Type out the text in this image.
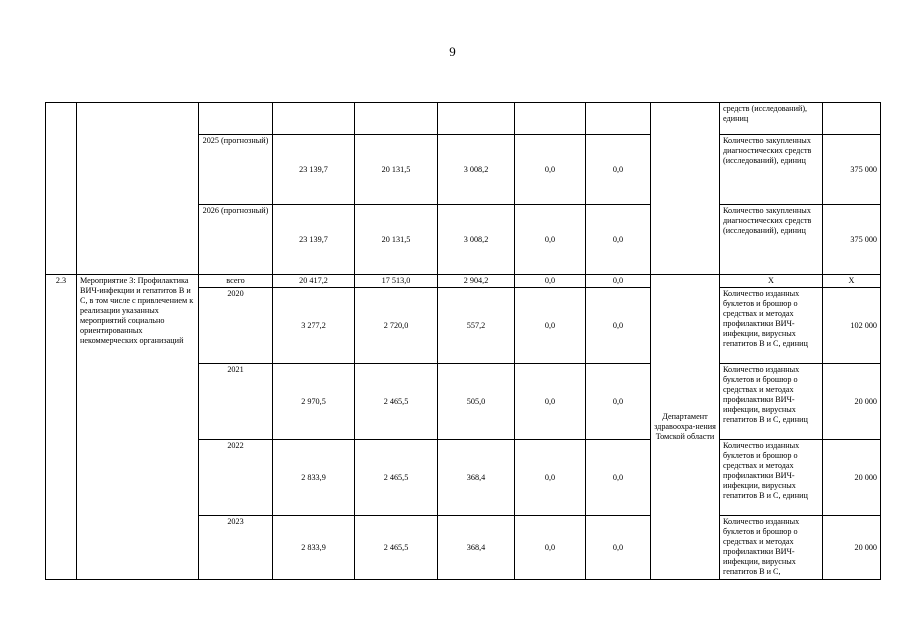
9
									средств (исследований), единиц	
		2025 (прогнозный)	23 139,7	20 131,5	3 008,2	0,0	0,0		Количество закупленных диагностических средств (исследований), единиц	375 000
		2026 (прогнозный)	23 139,7	20 131,5	3 008,2	0,0	0,0		Количество закупленных диагностических средств (исследований), единиц	375 000
2.3	Мероприятие 3: Профилактика ВИЧ-инфекции и гепатитов В и С, в том числе с привлечением к реализации указанных мероприятий социально ориентированных некоммерческих организаций	всего	20 417,2	17 513,0	2 904,2	0,0	0,0	Департамент здравоохра-нения Томской области	Х	Х
		2020	3 277,2	2 720,0	557,2	0,0	0,0		Количество изданных буклетов и брошюр о средствах и методах профилактики ВИЧ-инфекции, вирусных гепатитов В и С, единиц	102 000
		2021	2 970,5	2 465,5	505,0	0,0	0,0		Количество изданных буклетов и брошюр о средствах и методах профилактики ВИЧ-инфекции, вирусных гепатитов В и С, единиц	20 000
		2022	2 833,9	2 465,5	368,4	0,0	0,0		Количество изданных буклетов и брошюр о средствах и методах профилактики ВИЧ-инфекции, вирусных гепатитов В и С, единиц	20 000
		2023	2 833,9	2 465,5	368,4	0,0	0,0		Количество изданных буклетов и брошюр о средствах и методах профилактики ВИЧ-инфекции, вирусных гепатитов В и С,	20 000
